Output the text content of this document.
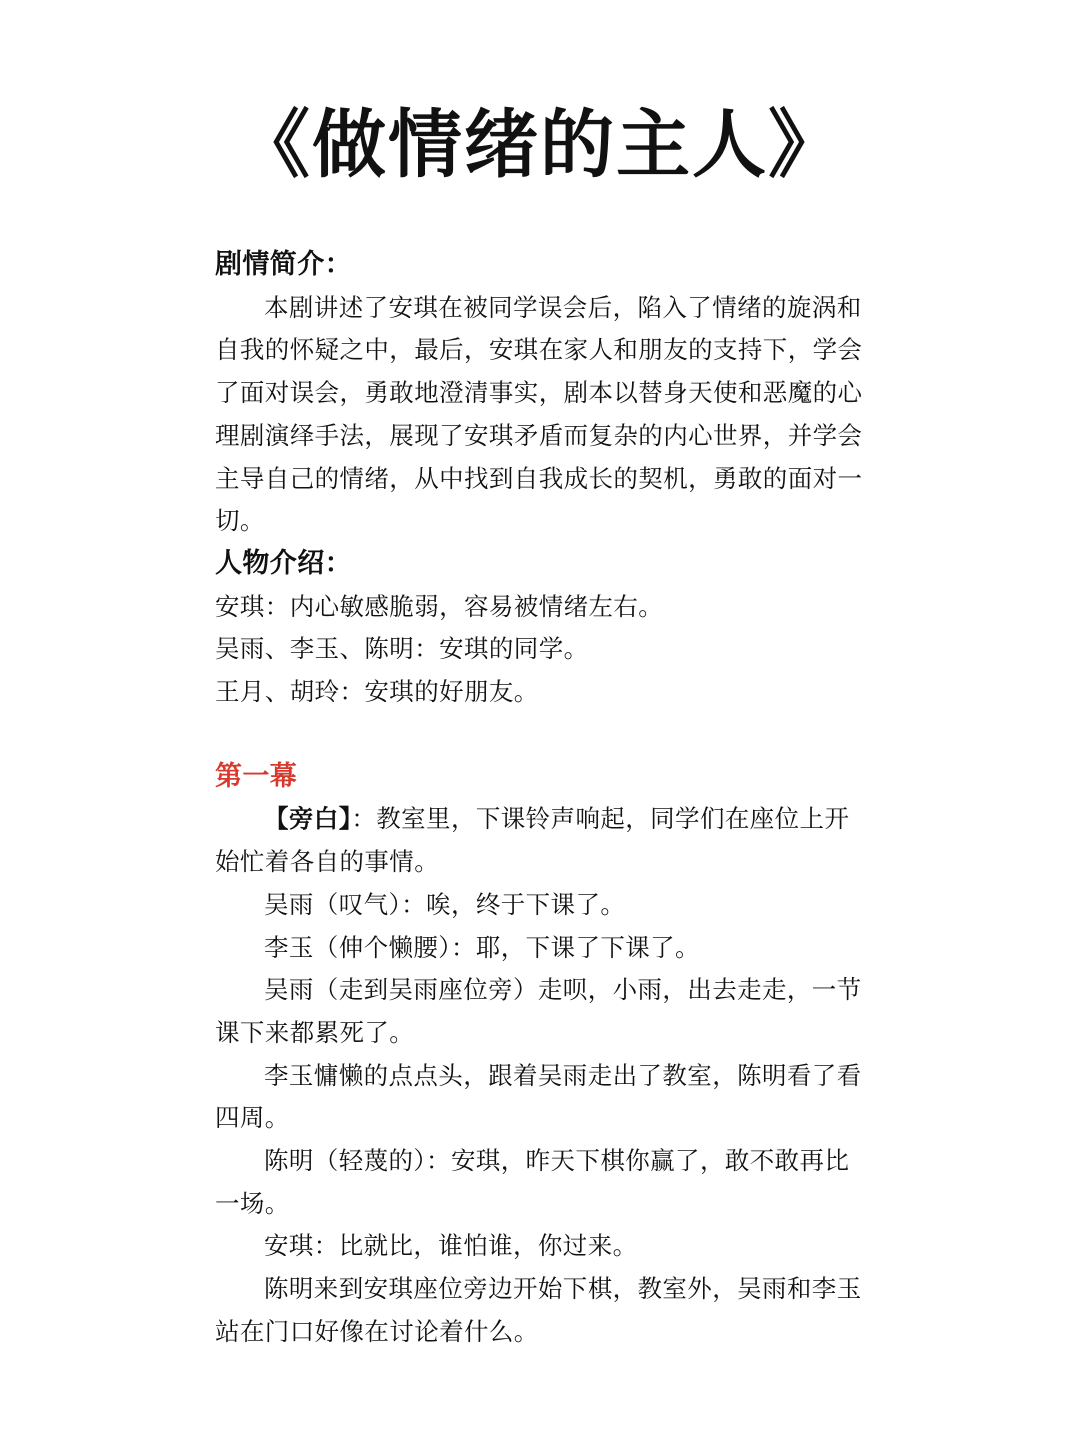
《做情绪的主人》

剧情简介：

本剧讲述了安琪在被同学误会后，陷入了情绪的旋涡和自我的怀疑之中，最后，安琪在家人和朋友的支持下，学会了面对误会，勇敢地澄清事实，剧本以替身天使和恶魔的心理剧演绎手法，展现了安琪矛盾而复杂的内心世界，并学会主导自己的情绪，从中找到自我成长的契机，勇敢的面对一切。

人物介绍：

安琪：内心敏感脆弱，容易被情绪左右。

吴雨、李玉、陈明：安琪的同学。

王月、胡玲：安琪的好朋友。

第一幕

【旁白】：教室里，下课铃声响起，同学们在座位上开始忙着各自的事情。

吴雨（叹气）：唉，终于下课了。

李玉（伸个懒腰）：耶，下课了下课了。

吴雨（走到吴雨座位旁）走呗，小雨，出去走走，一节课下来都累死了。

李玉慵懒的点点头，跟着吴雨走出了教室，陈明看了看四周。

陈明（轻蔑的）：安琪，昨天下棋你赢了，敢不敢再比一场。

安琪：比就比，谁怕谁，你过来。

陈明来到安琪座位旁边开始下棋，教室外，吴雨和李玉站在门口好像在讨论着什么。
